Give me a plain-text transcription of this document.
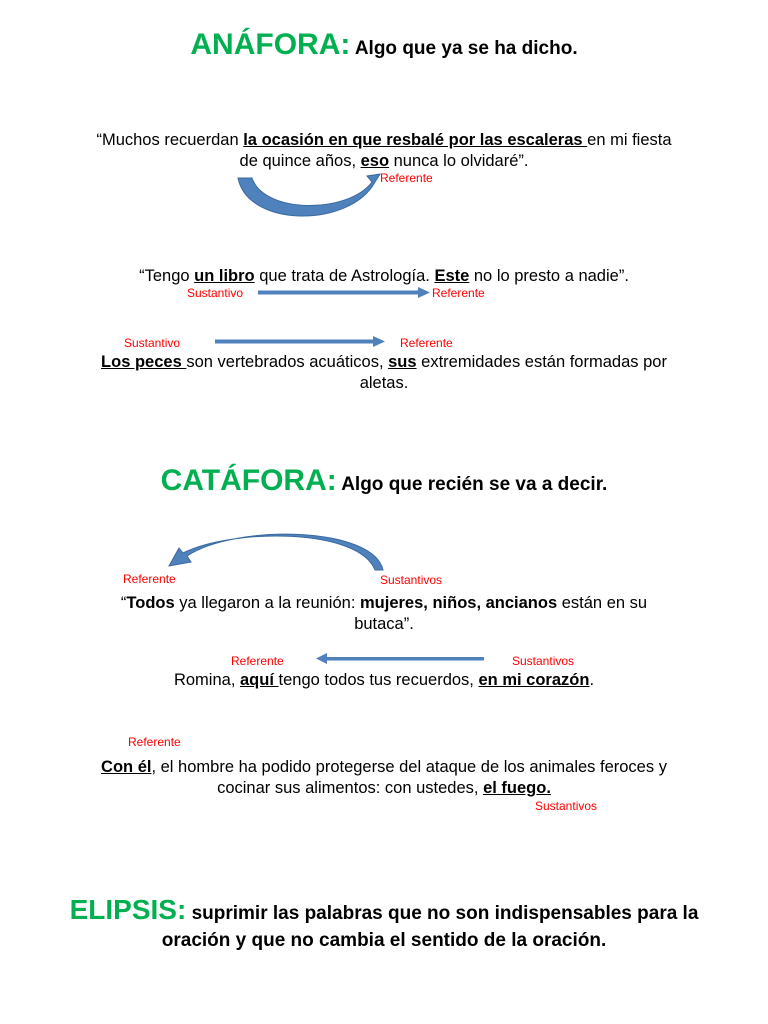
ANÁFORA: Algo que ya se ha dicho.
“Muchos recuerdan la ocasión en que resbalé por las escaleras en mi fiesta de quince años, eso nunca lo olvidaré”.
Referente
“Tengo un libro que trata de Astrología. Este no lo presto a nadie”.
Sustantivo	Referente
Sustantivo	Referente
Los peces son vertebrados acuáticos, sus extremidades están formadas por aletas.
CATÁFORA: Algo que recién se va a decir.
Referente	Sustantivos
“Todos ya llegaron a la reunión: mujeres, niños, ancianos están en su butaca”.
Referente	Sustantivos
Romina, aquí tengo todos tus recuerdos, en mi corazón.
Referente
Con él, el hombre ha podido protegerse del ataque de los animales feroces y cocinar sus alimentos: con ustedes, el fuego.
Sustantivos
ELIPSIS: suprimir las palabras que no son indispensables para la oración y que no cambia el sentido de la oración.
